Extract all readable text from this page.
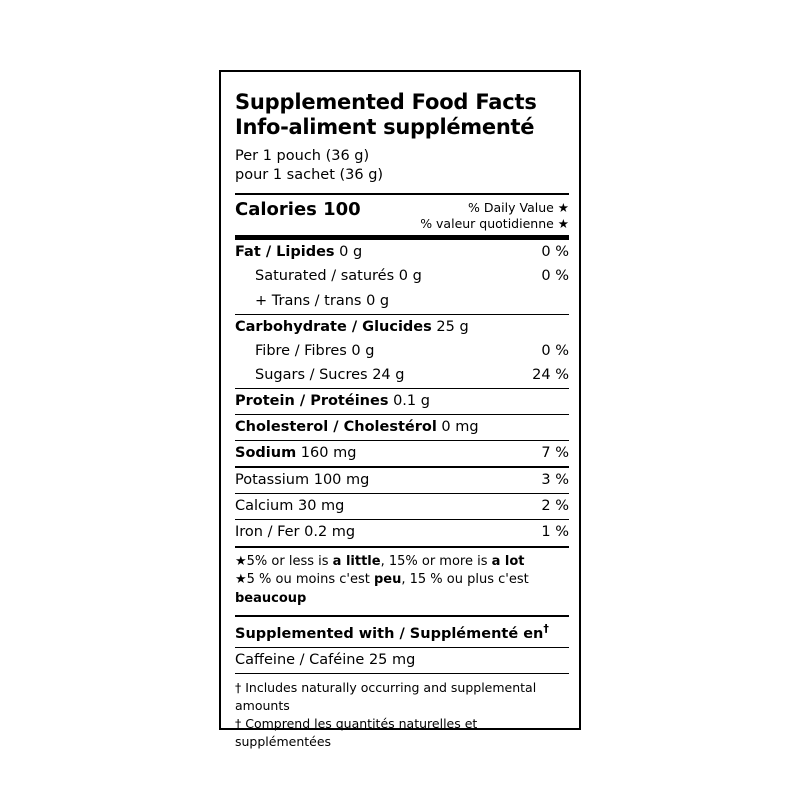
Supplemented Food Facts
Info-aliment supplémenté
Per 1 pouch (36 g)
pour 1 sachet (36 g)
Calories 100	% Daily Value ★
% valeur quotidienne ★
Fat / Lipides 0 g	0 %
Saturated / saturés 0 g	0 %
+ Trans / trans 0 g
Carbohydrate / Glucides 25 g
Fibre / Fibres 0 g	0 %
Sugars / Sucres 24 g	24 %
Protein / Protéines 0.1 g
Cholesterol / Cholestérol 0 mg
Sodium 160 mg	7 %
Potassium 100 mg	3 %
Calcium 30 mg	2 %
Iron / Fer 0.2 mg	1 %
★5% or less is a little, 15% or more is a lot
★5 % ou moins c'est peu, 15 % ou plus c'est beaucoup
Supplemented with / Supplémenté en†
Caffeine / Caféine 25 mg
† Includes naturally occurring and supplemental amounts
† Comprend les quantités naturelles et supplémentées
